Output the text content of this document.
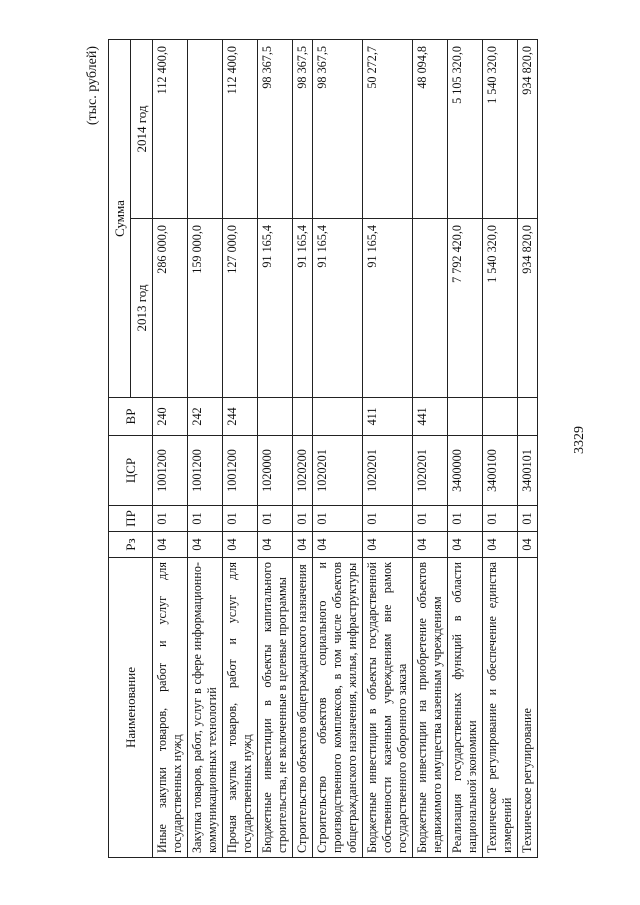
3329
(тыс. рублей)
Наименование	Рз	ПР	ЦСР	ВР	Сумма	
					2013 год	2014 год
Иные закупки товаров, работ и услуг для государственных нужд	04	01	1001200	240	286 000,0	112 400,0
Закупка товаров, работ, услуг в сфере информационно-коммуникационных технологий	04	01	1001200	242	159 000,0	
Прочая закупка товаров, работ и услуг для государственных нужд	04	01	1001200	244	127 000,0	112 400,0
Бюджетные инвестиции в объекты капитального строительства, не включенные в целевые программы	04	01	1020000		91 165,4	98 367,5
Строительство объектов общегражданского назначения	04	01	1020200		91 165,4	98 367,5
Строительство объектов социального и производственного комплексов, в том числе объектов общегражданского назначения, жилья, инфраструктуры	04	01	1020201		91 165,4	98 367,5
Бюджетные инвестиции в объекты государственной собственности казенным учреждениям вне рамок государственного оборонного заказа	04	01	1020201	411	91 165,4	50 272,7
Бюджетные инвестиции на приобретение объектов недвижимого имущества казенным учреждениям	04	01	1020201	441		48 094,8
Реализация государственных функций в области национальной экономики	04	01	3400000		7 792 420,0	5 105 320,0
Техническое регулирование и обеспечение единства измерений	04	01	3400100		1 540 320,0	1 540 320,0
Техническое регулирование	04	01	3400101		934 820,0	934 820,0
